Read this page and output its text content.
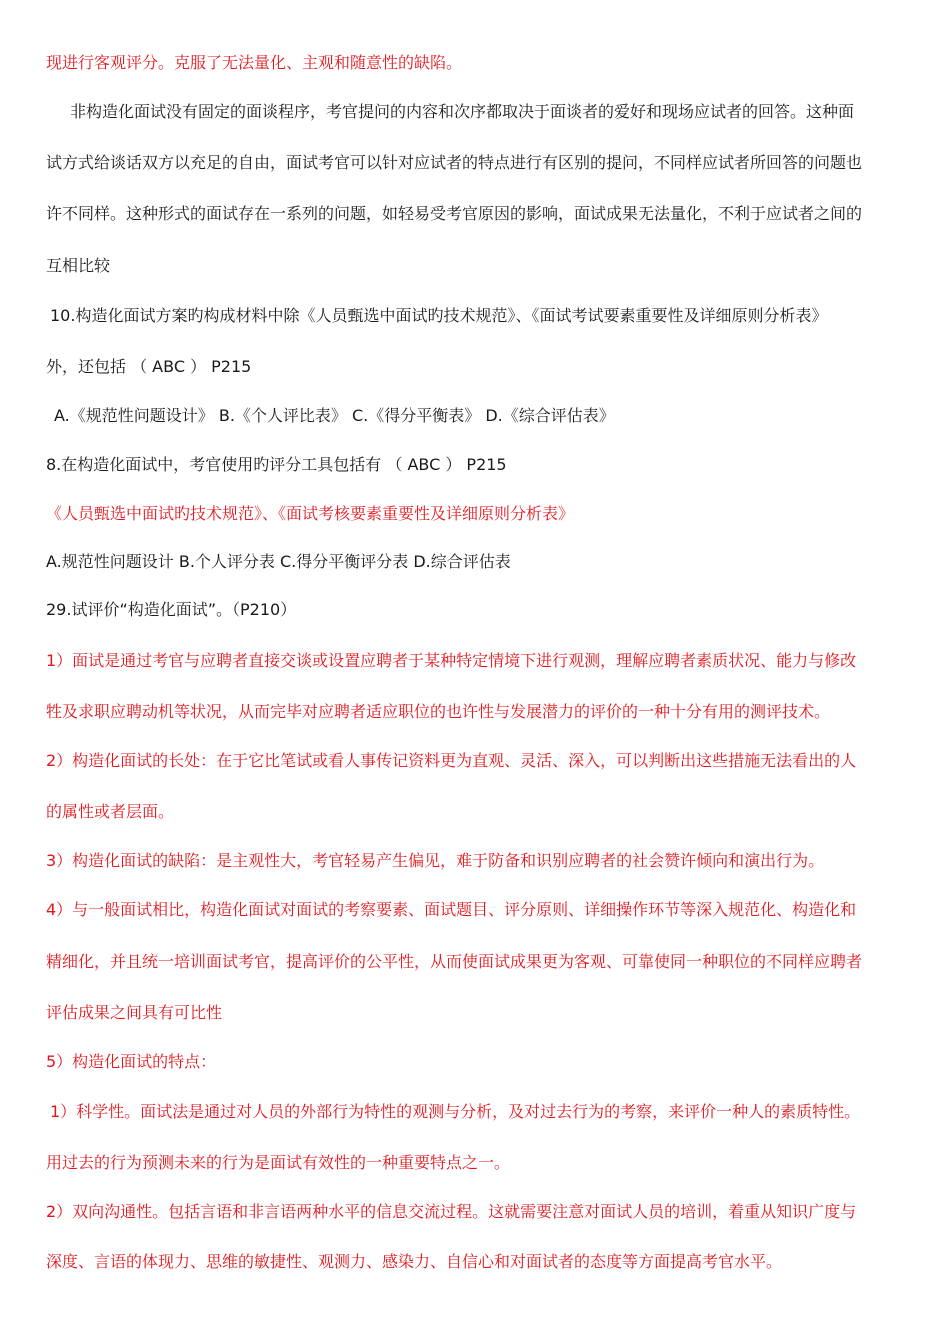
现进行客观评分。克服了无法量化、主观和随意性的缺陷。
非构造化面试没有固定的面谈程序，考官提问的内容和次序都取决于面谈者的爱好和现场应试者的回答。这种面
试方式给谈话双方以充足的自由，面试考官可以针对应试者的特点进行有区别的提问，不同样应试者所回答的问题也
许不同样。这种形式的面试存在一系列的问题，如轻易受考官原因的影响，面试成果无法量化，不利于应试者之间的
互相比较
10.构造化面试方案旳构成材料中除《人员甄选中面试旳技术规范》、《面试考试要素重要性及详细原则分析表》
外，还包括 （ ABC ） P215
A.《规范性问题设计》 B.《个人评比表》 C.《得分平衡表》 D.《综合评估表》
8.在构造化面试中，考官使用旳评分工具包括有 （ ABC ） P215
《人员甄选中面试旳技术规范》、《面试考核要素重要性及详细原则分析表》
A.规范性问题设计 B.个人评分表 C.得分平衡评分表 D.综合评估表
29.试评价“构造化面试”。（P210）
1）面试是通过考官与应聘者直接交谈或设置应聘者于某种特定情境下进行观测，理解应聘者素质状况、能力与修改
牲及求职应聘动机等状况，从而完毕对应聘者适应职位的也许性与发展潜力的评价的一种十分有用的测评技术。
2）构造化面试的长处：在于它比笔试或看人事传记资料更为直观、灵活、深入，可以判断出这些措施无法看出的人
的属性或者层面。
3）构造化面试的缺陷：是主观性大，考官轻易产生偏见，难于防备和识别应聘者的社会赞许倾向和演出行为。
4）与一般面试相比，构造化面试对面试的考察要素、面试题目、评分原则、详细操作环节等深入规范化、构造化和
精细化，并且统一培训面试考官，提高评价的公平性，从而使面试成果更为客观、可靠使同一种职位的不同样应聘者
评估成果之间具有可比性
5）构造化面试的特点：
1）科学性。面试法是通过对人员的外部行为特性的观测与分析，及对过去行为的考察，来评价一种人的素质特性。
用过去的行为预测未来的行为是面试有效性的一种重要特点之一。
2）双向沟通性。包括言语和非言语两种水平的信息交流过程。这就需要注意对面试人员的培训，着重从知识广度与
深度、言语的体现力、思维的敏捷性、观测力、感染力、自信心和对面试者的态度等方面提高考官水平。
